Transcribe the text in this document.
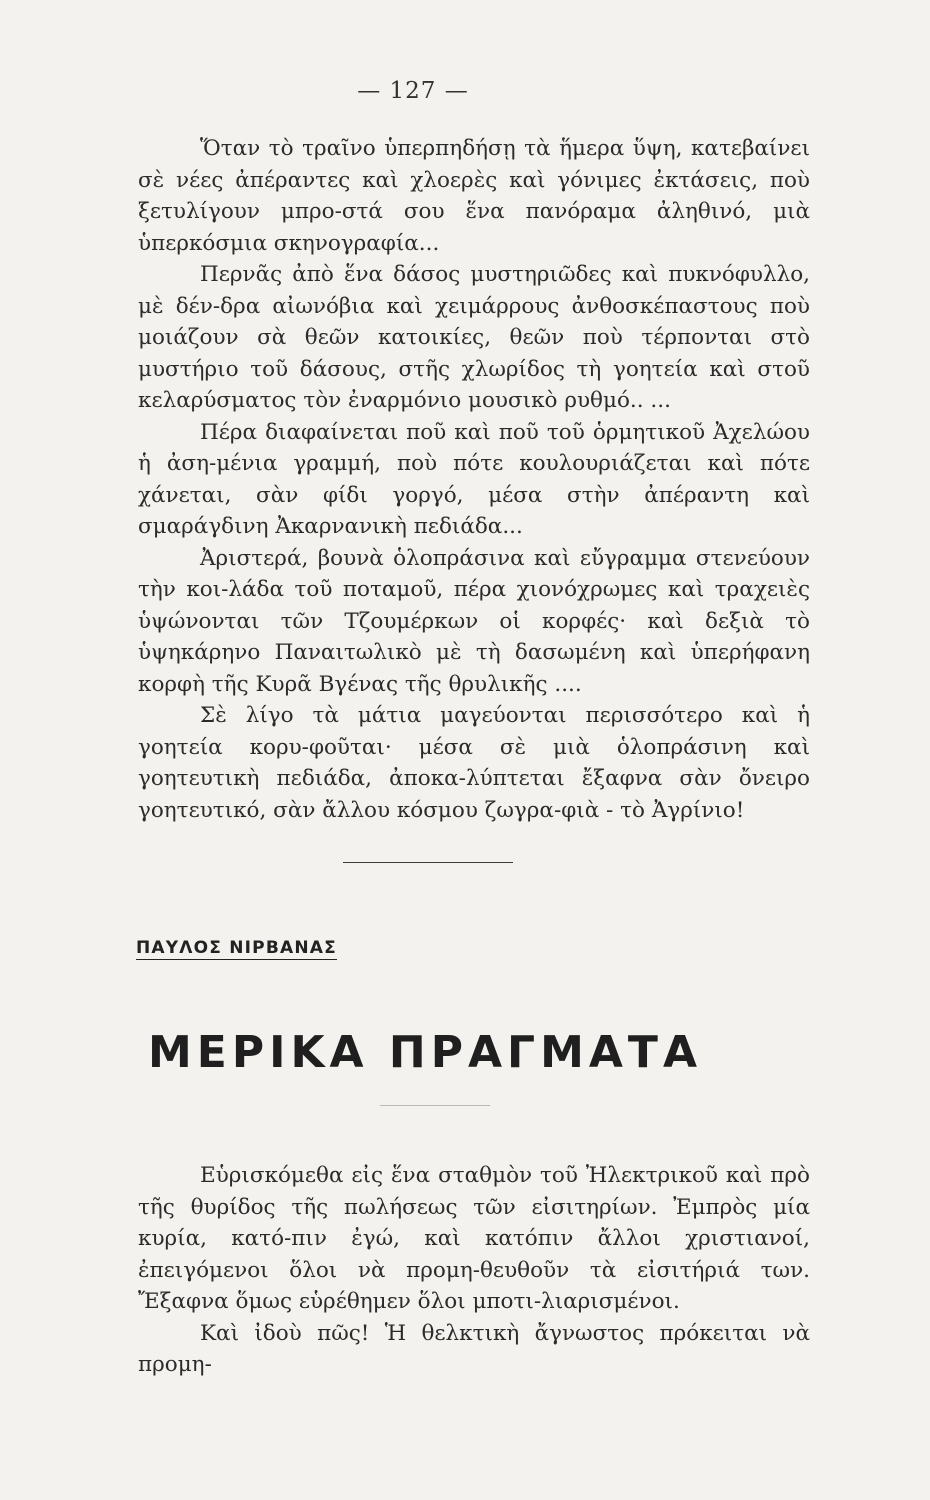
— 127 —

Ὅταν τὸ τραῖνο ὑπερπηδήσῃ τὰ ἥμερα ὕψη, κατεβαίνει σὲ νέες ἀπέραντες καὶ χλοερὲς καὶ γόνιμες ἐκτάσεις, ποὺ ξετυλίγουν μπρο-στά σου ἕνα πανόραμα ἀληθινό, μιὰ ὑπερκόσμια σκηνογραφία...

Περνᾶς ἀπὸ ἕνα δάσος μυστηριῶδες καὶ πυκνόφυλλο, μὲ δέν-δρα αἰωνόβια καὶ χειμάρρους ἀνθοσκέπαστους ποὺ μοιάζουν σὰ θεῶν κατοικίες, θεῶν ποὺ τέρπονται στὸ μυστήριο τοῦ δάσους, στῆς χλωρίδος τὴ γοητεία καὶ στοῦ κελαρύσματος τὸν ἐναρμόνιο μουσικὸ ρυθμό.. ...

Πέρα διαφαίνεται ποῦ καὶ ποῦ τοῦ ὁρμητικοῦ Ἀχελώου ἡ ἀση-μένια γραμμή, ποὺ πότε κουλουριάζεται καὶ πότε χάνεται, σὰν φίδι γοργό, μέσα στὴν ἀπέραντη καὶ σμαράγδινη Ἀκαρνανικὴ πεδιάδα...

Ἀριστερά, βουνὰ ὁλοπράσινα καὶ εὔγραμμα στενεύουν τὴν κοι-λάδα τοῦ ποταμοῦ, πέρα χιονόχρωμες καὶ τραχειὲς ὑψώνονται τῶν Τζουμέρκων οἱ κορφές· καὶ δεξιὰ τὸ ὑψηκάρηνο Παναιτωλικὸ μὲ τὴ δασωμένη καὶ ὑπερήφανη κορφὴ τῆς Κυρᾶ Βγένας τῆς θρυλικῆς ....

Σὲ λίγο τὰ μάτια μαγεύονται περισσότερο καὶ ἡ γοητεία κορυ-φοῦται· μέσα σὲ μιὰ ὁλοπράσινη καὶ γοητευτικὴ πεδιάδα, ἀποκα-λύπτεται ἔξαφνα σὰν ὄνειρο γοητευτικό, σὰν ἄλλου κόσμου ζωγρα-φιὰ - τὸ Ἀγρίνιο!

ΠΑΥΛΟΣ ΝΙΡΒΑΝΑΣ
ΜΕΡΙΚΑ ΠΡΑΓΜΑΤΑ

Εὑρισκόμεθα εἰς ἕνα σταθμὸν τοῦ Ἠλεκτρικοῦ καὶ πρὸ τῆς θυρίδος τῆς πωλήσεως τῶν εἰσιτηρίων. Ἐμπρὸς μία κυρία, κατό-πιν ἐγώ, καὶ κατόπιν ἄλλοι χριστιανοί, ἐπειγόμενοι ὅλοι νὰ προμη-θευθοῦν τὰ εἰσιτήριά των. Ἔξαφνα ὅμως εὑρέθημεν ὅλοι μποτι-λιαρισμένοι.

Καὶ ἰδοὺ πῶς! Ἡ θελκτικὴ ἄγνωστος πρόκειται νὰ προμη-
